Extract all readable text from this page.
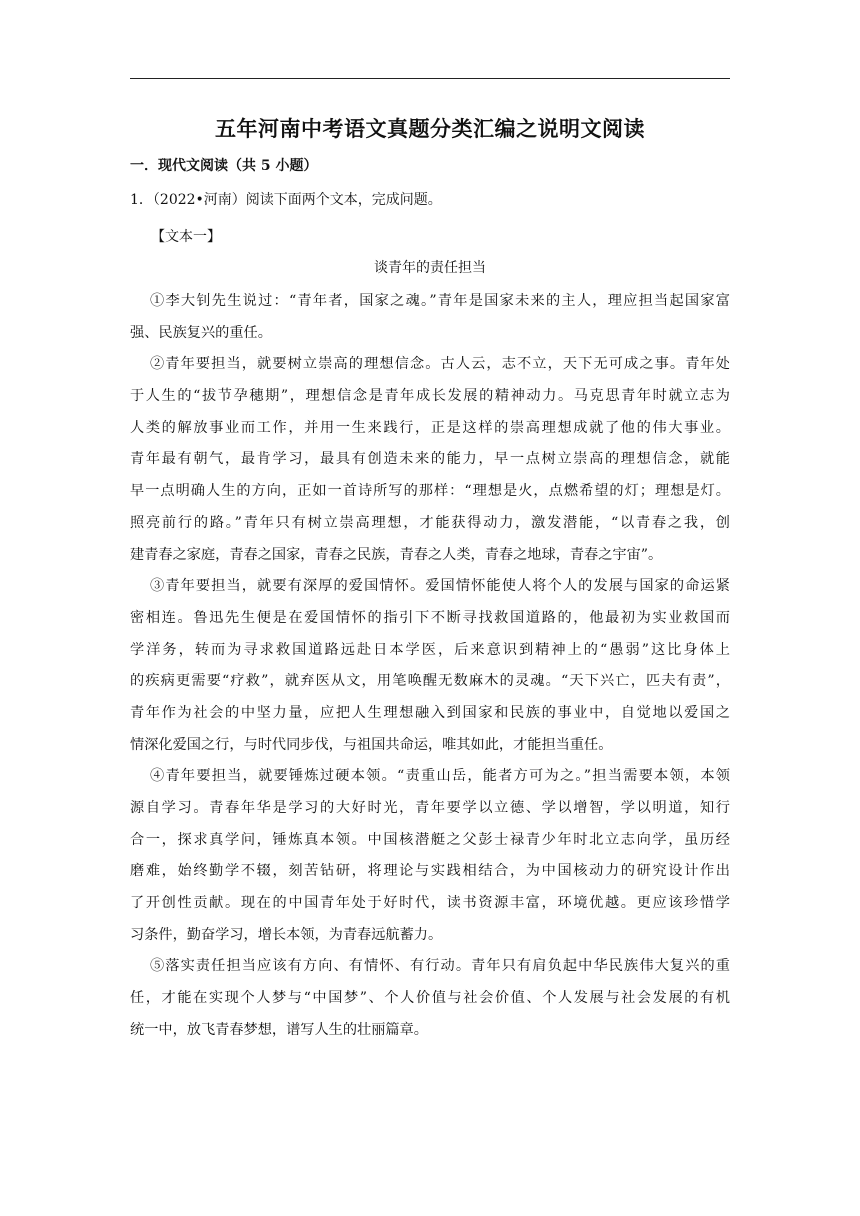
五年河南中考语文真题分类汇编之说明文阅读
一．现代文阅读（共 5 小题）
1．（2022•河南）阅读下面两个文本，完成问题。
【文本一】
谈青年的责任担当
①李大钊先生说过：“青年者，国家之魂。”青年是国家未来的主人，理应担当起国家富
强、民族复兴的重任。
②青年要担当，就要树立崇高的理想信念。古人云，志不立，天下无可成之事。青年处
于人生的“拔节孕穗期”，理想信念是青年成长发展的精神动力。马克思青年时就立志为
人类的解放事业而工作，并用一生来践行，正是这样的崇高理想成就了他的伟大事业。
青年最有朝气，最肯学习，最具有创造未来的能力，早一点树立崇高的理想信念，就能
早一点明确人生的方向，正如一首诗所写的那样：“理想是火，点燃希望的灯；理想是灯。
照亮前行的路。”青年只有树立崇高理想，才能获得动力，激发潜能，“以青春之我，创
建青春之家庭，青春之国家，青春之民族，青春之人类，青春之地球，青春之宇宙”。
③青年要担当，就要有深厚的爱国情怀。爱国情怀能使人将个人的发展与国家的命运紧
密相连。鲁迅先生便是在爱国情怀的指引下不断寻找救国道路的，他最初为实业救国而
学洋务，转而为寻求救国道路远赴日本学医，后来意识到精神上的“愚弱”这比身体上
的疾病更需要“疗救”，就弃医从文，用笔唤醒无数麻木的灵魂。“天下兴亡，匹夫有责”，
青年作为社会的中坚力量，应把人生理想融入到国家和民族的事业中，自觉地以爱国之
情深化爱国之行，与时代同步伐，与祖国共命运，唯其如此，才能担当重任。
④青年要担当，就要锤炼过硬本领。“责重山岳，能者方可为之。”担当需要本领，本领
源自学习。青春年华是学习的大好时光，青年要学以立德、学以增智，学以明道，知行
合一，探求真学问，锤炼真本领。中国核潜艇之父彭士禄青少年时北立志向学，虽历经
磨难，始终勤学不辍，刻苦钻研，将理论与实践相结合，为中国核动力的研究设计作出
了开创性贡献。现在的中国青年处于好时代，读书资源丰富，环境优越。更应该珍惜学
习条件，勤奋学习，增长本领，为青春远航蓄力。
⑤落实责任担当应该有方向、有情怀、有行动。青年只有肩负起中华民族伟大复兴的重
任，才能在实现个人梦与“中国梦”、个人价值与社会价值、个人发展与社会发展的有机
统一中，放飞青春梦想，谱写人生的壮丽篇章。
